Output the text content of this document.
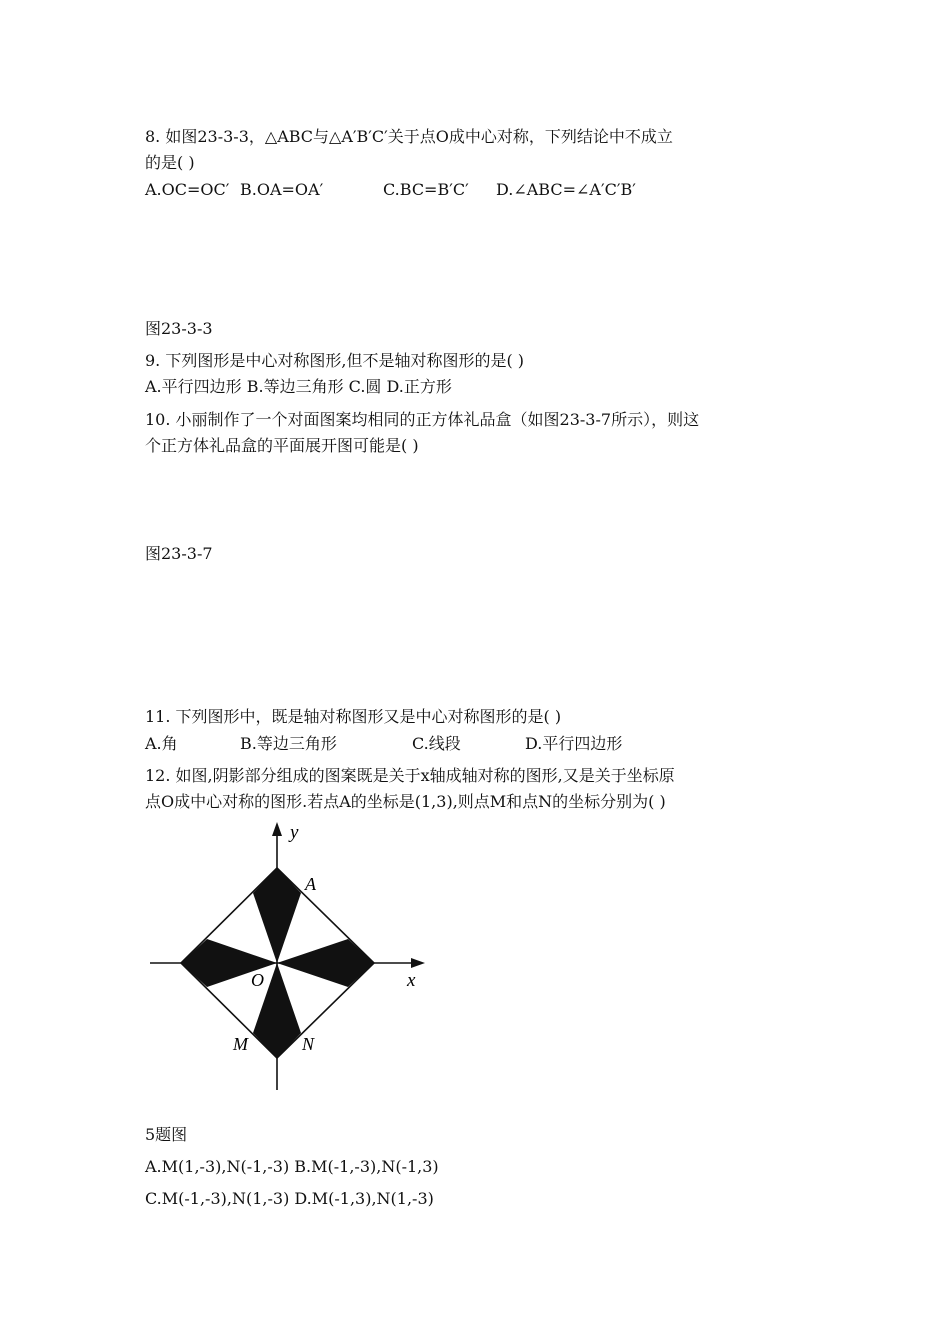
8. 如图23-3-3，△ABC与△A′B′C′关于点O成中心对称，下列结论中不成立
的是( )
A.OC=OC′ B.OA=OA′	C.BC=B′C′ D.∠ABC=∠A′C′B′
图23-3-3
9. 下列图形是中心对称图形,但不是轴对称图形的是( )
A.平行四边形 B.等边三角形 C.圆 D.正方形
10. 小丽制作了一个对面图案均相同的正方体礼品盒（如图23-3-7所示），则这
个正方体礼品盒的平面展开图可能是( )
图23-3-7
11. 下列图形中，既是轴对称图形又是中心对称图形的是( )
A.角	B.等边三角形	C.线段	D.平行四边形
12. 如图,阴影部分组成的图案既是关于x轴成轴对称的图形,又是关于坐标原
点O成中心对称的图形.若点A的坐标是(1,3),则点M和点N的坐标分别为( )
y
x
O
A
M	N
5题图
A.M(1,-3),N(-1,-3) B.M(-1,-3),N(-1,3)
C.M(-1,-3),N(1,-3) D.M(-1,3),N(1,-3)
